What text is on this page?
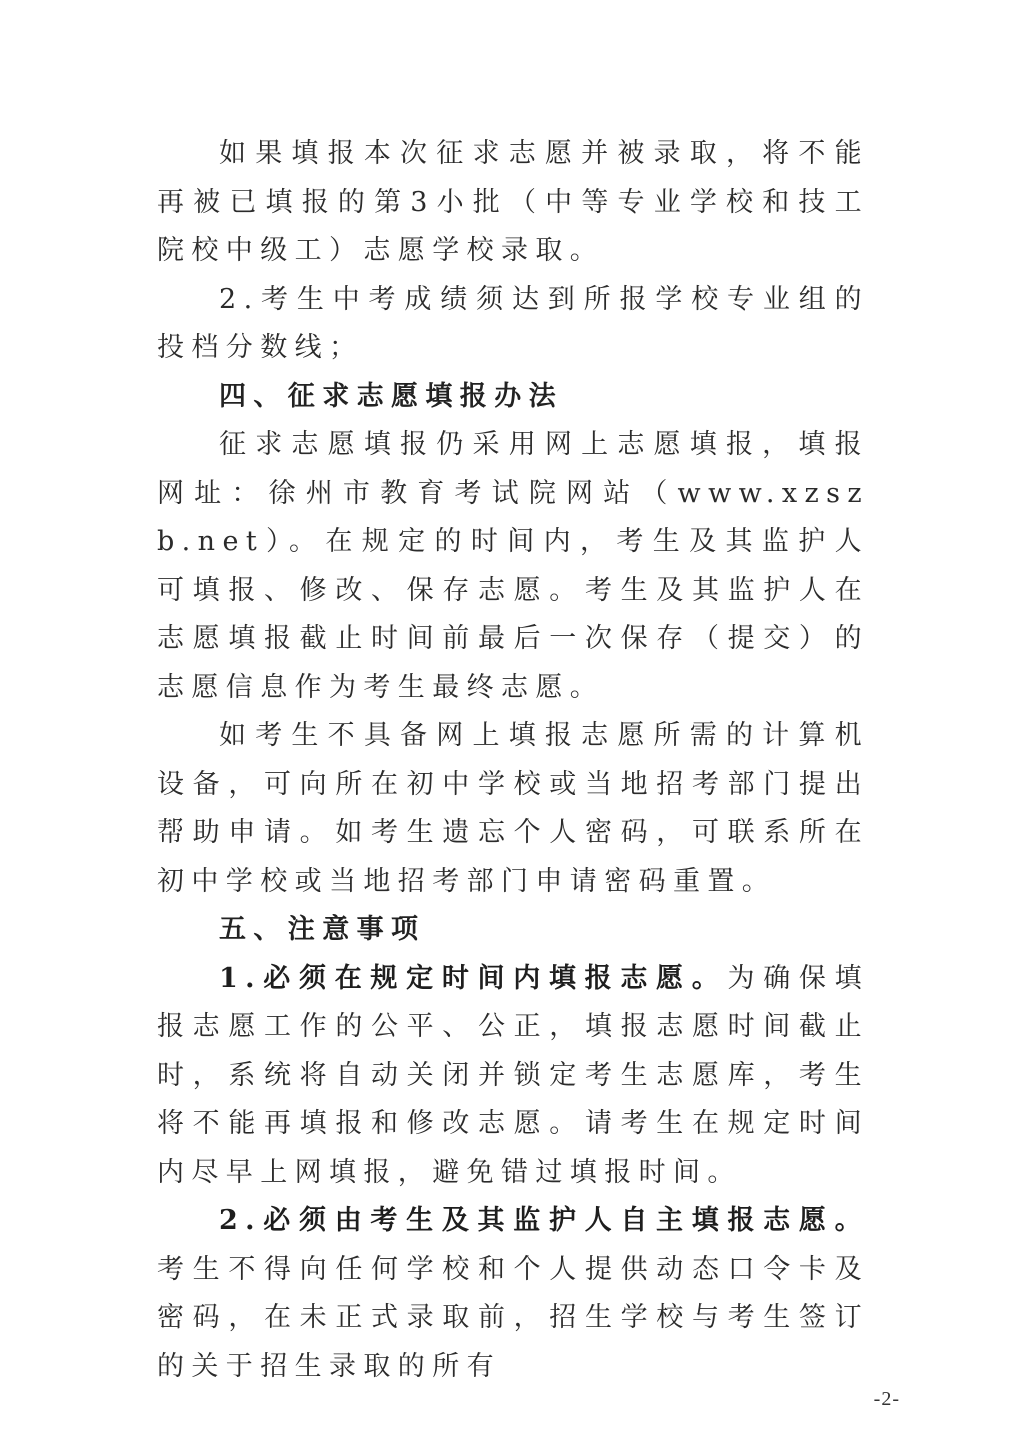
如果填报本次征求志愿并被录取，将不能再被已填报的第3小批（中等专业学校和技工院校中级工）志愿学校录取。

2.考生中考成绩须达到所报学校专业组的投档分数线；

四、征求志愿填报办法

征求志愿填报仍采用网上志愿填报，填报网址：徐州市教育考试院网站（www.xzszb.net）。在规定的时间内，考生及其监护人可填报、修改、保存志愿。考生及其监护人在志愿填报截止时间前最后一次保存（提交）的志愿信息作为考生最终志愿。

如考生不具备网上填报志愿所需的计算机设备，可向所在初中学校或当地招考部门提出帮助申请。如考生遗忘个人密码，可联系所在初中学校或当地招考部门申请密码重置。

五、注意事项

1.必须在规定时间内填报志愿。为确保填报志愿工作的公平、公正，填报志愿时间截止时，系统将自动关闭并锁定考生志愿库，考生将不能再填报和修改志愿。请考生在规定时间内尽早上网填报，避免错过填报时间。

2.必须由考生及其监护人自主填报志愿。考生不得向任何学校和个人提供动态口令卡及密码，在未正式录取前，招生学校与考生签订的关于招生录取的所有

-2-
